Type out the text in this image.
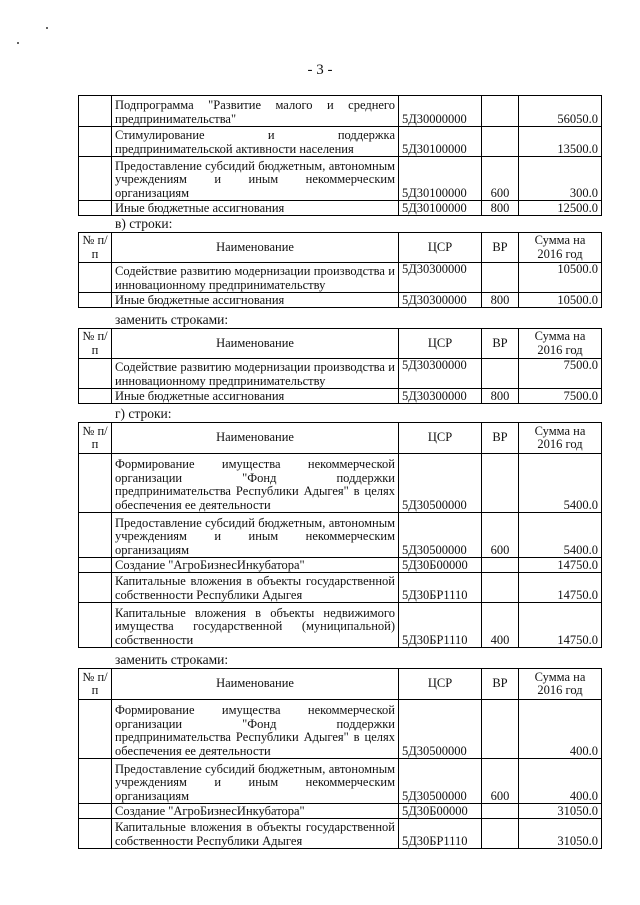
- 3 -
	Подпрограмма "Развитие малого и среднего предпринимательства"	5Д30000000		56050.0
	Стимулирование и поддержка предпринимательской активности населения	5Д30100000		13500.0
	Предоставление субсидий бюджетным, автономным учреждениям и иным некоммерческим организациям	5Д30100000	600	300.0
	Иные бюджетные ассигнования	5Д30100000	800	12500.0
в) строки:
№ п/п	Наименование	ЦСР	ВР	Сумма на 2016 год
	Содействие развитию модернизации производства и инновационному предпринимательству	5Д30300000		10500.0
	Иные бюджетные ассигнования	5Д30300000	800	10500.0
заменить строками:
№ п/п	Наименование	ЦСР	ВР	Сумма на 2016 год
	Содействие развитию модернизации производства и инновационному предпринимательству	5Д30300000		7500.0
	Иные бюджетные ассигнования	5Д30300000	800	7500.0
г) строки:
№ п/п	Наименование	ЦСР	ВР	Сумма на 2016 год
	Формирование имущества некоммерческой организации "Фонд поддержки предпринимательства Республики Адыгея" в целях обеспечения ее деятельности	5Д30500000		5400.0
	Предоставление субсидий бюджетным, автономным учреждениям и иным некоммерческим организациям	5Д30500000	600	5400.0
	Создание "АгроБизнесИнкубатора"	5Д30Б00000		14750.0
	Капитальные вложения в объекты государственной собственности Республики Адыгея	5Д30БР1110		14750.0
	Капитальные вложения в объекты недвижимого имущества государственной (муниципальной) собственности	5Д30БР1110	400	14750.0
заменить строками:
№ п/п	Наименование	ЦСР	ВР	Сумма на 2016 год
	Формирование имущества некоммерческой организации "Фонд поддержки предпринимательства Республики Адыгея" в целях обеспечения ее деятельности	5Д30500000		400.0
	Предоставление субсидий бюджетным, автономным учреждениям и иным некоммерческим организациям	5Д30500000	600	400.0
	Создание "АгроБизнесИнкубатора"	5Д30Б00000		31050.0
	Капитальные вложения в объекты государственной собственности Республики Адыгея	5Д30БР1110		31050.0
